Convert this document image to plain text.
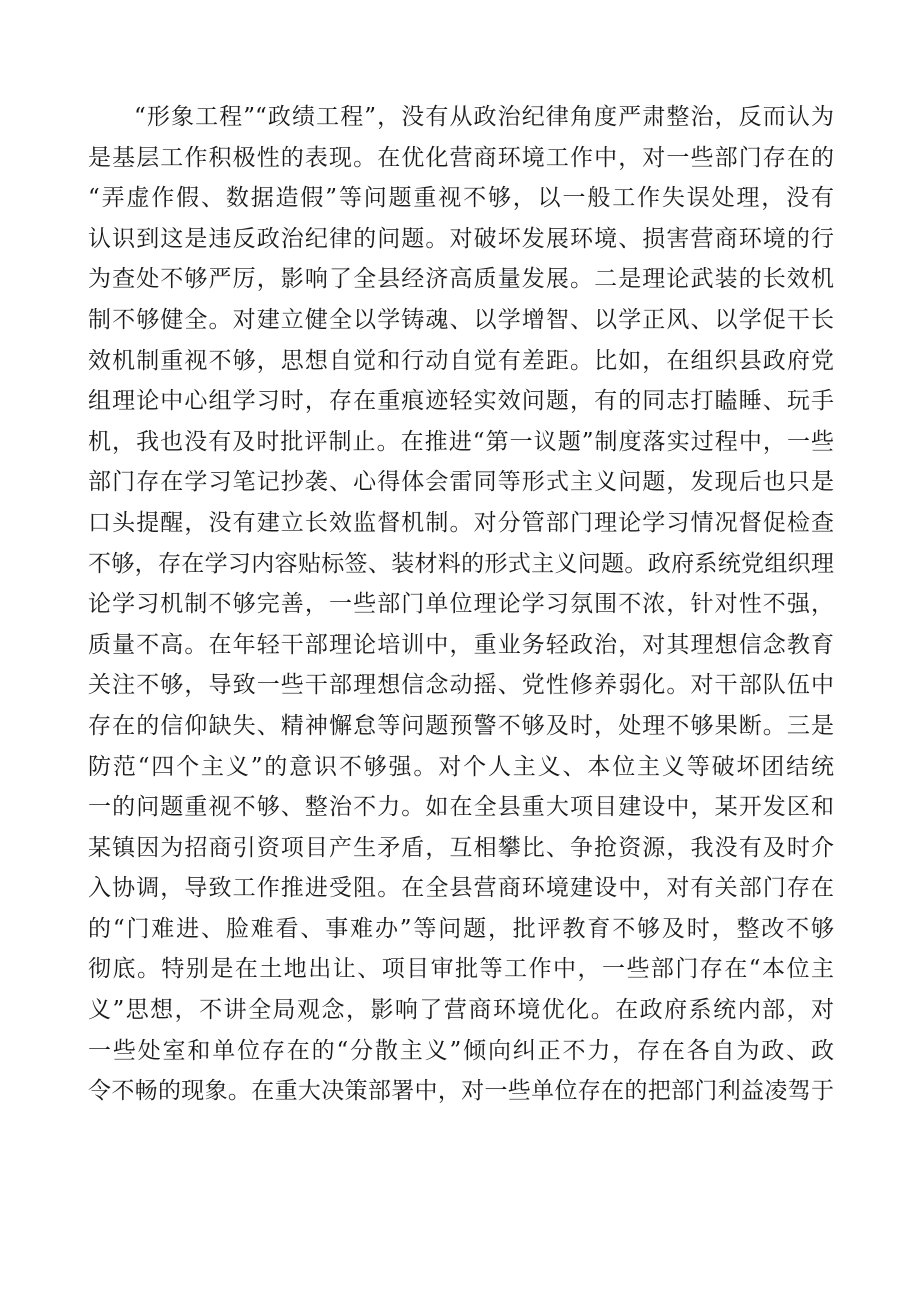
“形象工程”“政绩工程”，没有从政治纪律角度严肃整治，反而认为
是基层工作积极性的表现。在优化营商环境工作中，对一些部门存在的
“弄虚作假、数据造假”等问题重视不够，以一般工作失误处理，没有
认识到这是违反政治纪律的问题。对破坏发展环境、损害营商环境的行
为查处不够严厉，影响了全县经济高质量发展。二是理论武装的长效机
制不够健全。对建立健全以学铸魂、以学增智、以学正风、以学促干长
效机制重视不够，思想自觉和行动自觉有差距。比如，在组织县政府党
组理论中心组学习时，存在重痕迹轻实效问题，有的同志打瞌睡、玩手
机，我也没有及时批评制止。在推进“第一议题”制度落实过程中，一些
部门存在学习笔记抄袭、心得体会雷同等形式主义问题，发现后也只是
口头提醒，没有建立长效监督机制。对分管部门理论学习情况督促检查
不够，存在学习内容贴标签、装材料的形式主义问题。政府系统党组织理
论学习机制不够完善，一些部门单位理论学习氛围不浓，针对性不强，
质量不高。在年轻干部理论培训中，重业务轻政治，对其理想信念教育
关注不够，导致一些干部理想信念动摇、党性修养弱化。对干部队伍中
存在的信仰缺失、精神懈怠等问题预警不够及时，处理不够果断。三是
防范“四个主义”的意识不够强。对个人主义、本位主义等破坏团结统
一的问题重视不够、整治不力。如在全县重大项目建设中，某开发区和
某镇因为招商引资项目产生矛盾，互相攀比、争抢资源，我没有及时介
入协调，导致工作推进受阻。在全县营商环境建设中，对有关部门存在
的“门难进、脸难看、事难办”等问题，批评教育不够及时，整改不够
彻底。特别是在土地出让、项目审批等工作中，一些部门存在“本位主
义”思想，不讲全局观念，影响了营商环境优化。在政府系统内部，对
一些处室和单位存在的“分散主义”倾向纠正不力，存在各自为政、政
令不畅的现象。在重大决策部署中，对一些单位存在的把部门利益凌驾于
